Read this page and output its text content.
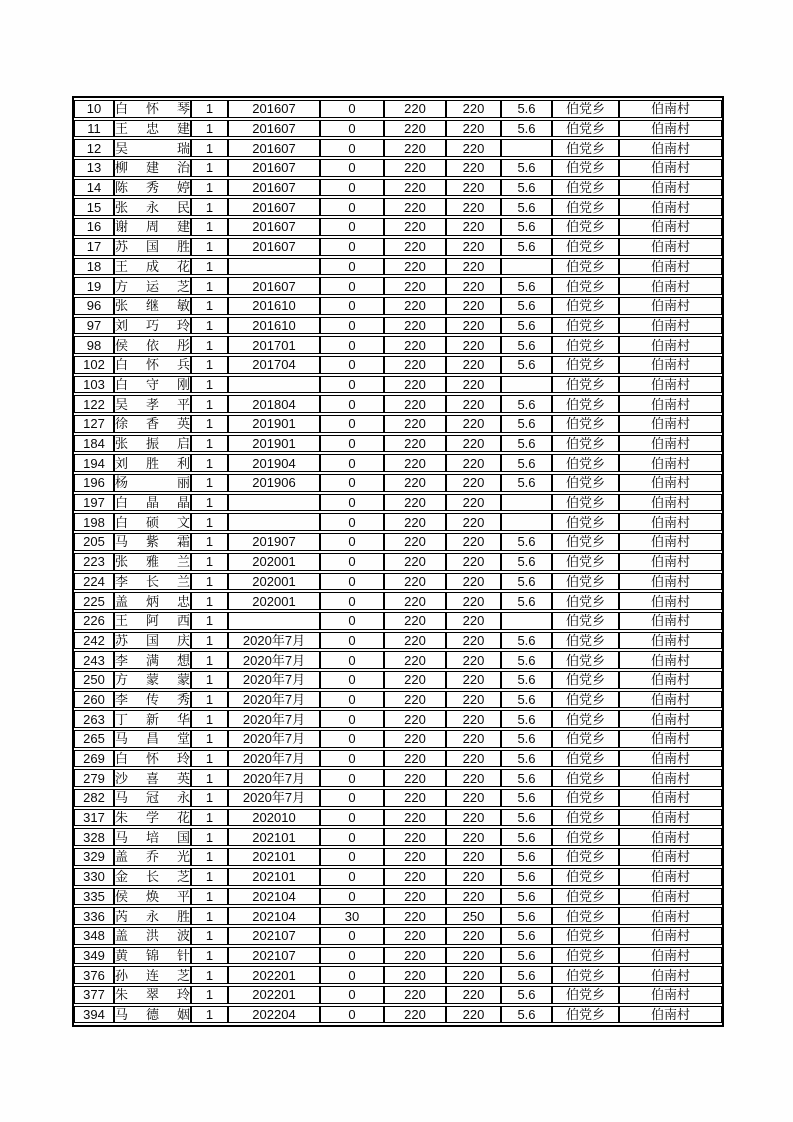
10	白怀琴	1	201607	0	220	220	5.6	伯党乡	伯南村
11	王忠建	1	201607	0	220	220	5.6	伯党乡	伯南村
12	吴瑞	1	201607	0	220	220		伯党乡	伯南村
13	柳建治	1	201607	0	220	220	5.6	伯党乡	伯南村
14	陈秀婷	1	201607	0	220	220	5.6	伯党乡	伯南村
15	张永民	1	201607	0	220	220	5.6	伯党乡	伯南村
16	谢周建	1	201607	0	220	220	5.6	伯党乡	伯南村
17	苏国胜	1	201607	0	220	220	5.6	伯党乡	伯南村
18	王成花	1		0	220	220		伯党乡	伯南村
19	方运芝	1	201607	0	220	220	5.6	伯党乡	伯南村
96	张继敏	1	201610	0	220	220	5.6	伯党乡	伯南村
97	刘巧玲	1	201610	0	220	220	5.6	伯党乡	伯南村
98	侯依彤	1	201701	0	220	220	5.6	伯党乡	伯南村
102	白怀兵	1	201704	0	220	220	5.6	伯党乡	伯南村
103	白守刚	1		0	220	220		伯党乡	伯南村
122	吴孝平	1	201804	0	220	220	5.6	伯党乡	伯南村
127	徐香英	1	201901	0	220	220	5.6	伯党乡	伯南村
184	张振启	1	201901	0	220	220	5.6	伯党乡	伯南村
194	刘胜利	1	201904	0	220	220	5.6	伯党乡	伯南村
196	杨丽	1	201906	0	220	220	5.6	伯党乡	伯南村
197	白晶晶	1		0	220	220		伯党乡	伯南村
198	白硕文	1		0	220	220		伯党乡	伯南村
205	马紫霜	1	201907	0	220	220	5.6	伯党乡	伯南村
223	张雅兰	1	202001	0	220	220	5.6	伯党乡	伯南村
224	李长兰	1	202001	0	220	220	5.6	伯党乡	伯南村
225	盖炳忠	1	202001	0	220	220	5.6	伯党乡	伯南村
226	王阿西	1		0	220	220		伯党乡	伯南村
242	苏国庆	1	2020年7月	0	220	220	5.6	伯党乡	伯南村
243	李满想	1	2020年7月	0	220	220	5.6	伯党乡	伯南村
250	方蒙蒙	1	2020年7月	0	220	220	5.6	伯党乡	伯南村
260	李传秀	1	2020年7月	0	220	220	5.6	伯党乡	伯南村
263	丁新华	1	2020年7月	0	220	220	5.6	伯党乡	伯南村
265	马昌堂	1	2020年7月	0	220	220	5.6	伯党乡	伯南村
269	白怀玲	1	2020年7月	0	220	220	5.6	伯党乡	伯南村
279	沙喜英	1	2020年7月	0	220	220	5.6	伯党乡	伯南村
282	马冠永	1	2020年7月	0	220	220	5.6	伯党乡	伯南村
317	朱学花	1	202010	0	220	220	5.6	伯党乡	伯南村
328	马培国	1	202101	0	220	220	5.6	伯党乡	伯南村
329	盖乔光	1	202101	0	220	220	5.6	伯党乡	伯南村
330	金长芝	1	202101	0	220	220	5.6	伯党乡	伯南村
335	侯焕平	1	202104	0	220	220	5.6	伯党乡	伯南村
336	芮永胜	1	202104	30	220	250	5.6	伯党乡	伯南村
348	盖洪波	1	202107	0	220	220	5.6	伯党乡	伯南村
349	黄锦针	1	202107	0	220	220	5.6	伯党乡	伯南村
376	孙连芝	1	202201	0	220	220	5.6	伯党乡	伯南村
377	朱翠玲	1	202201	0	220	220	5.6	伯党乡	伯南村
394	马德姻	1	202204	0	220	220	5.6	伯党乡	伯南村
